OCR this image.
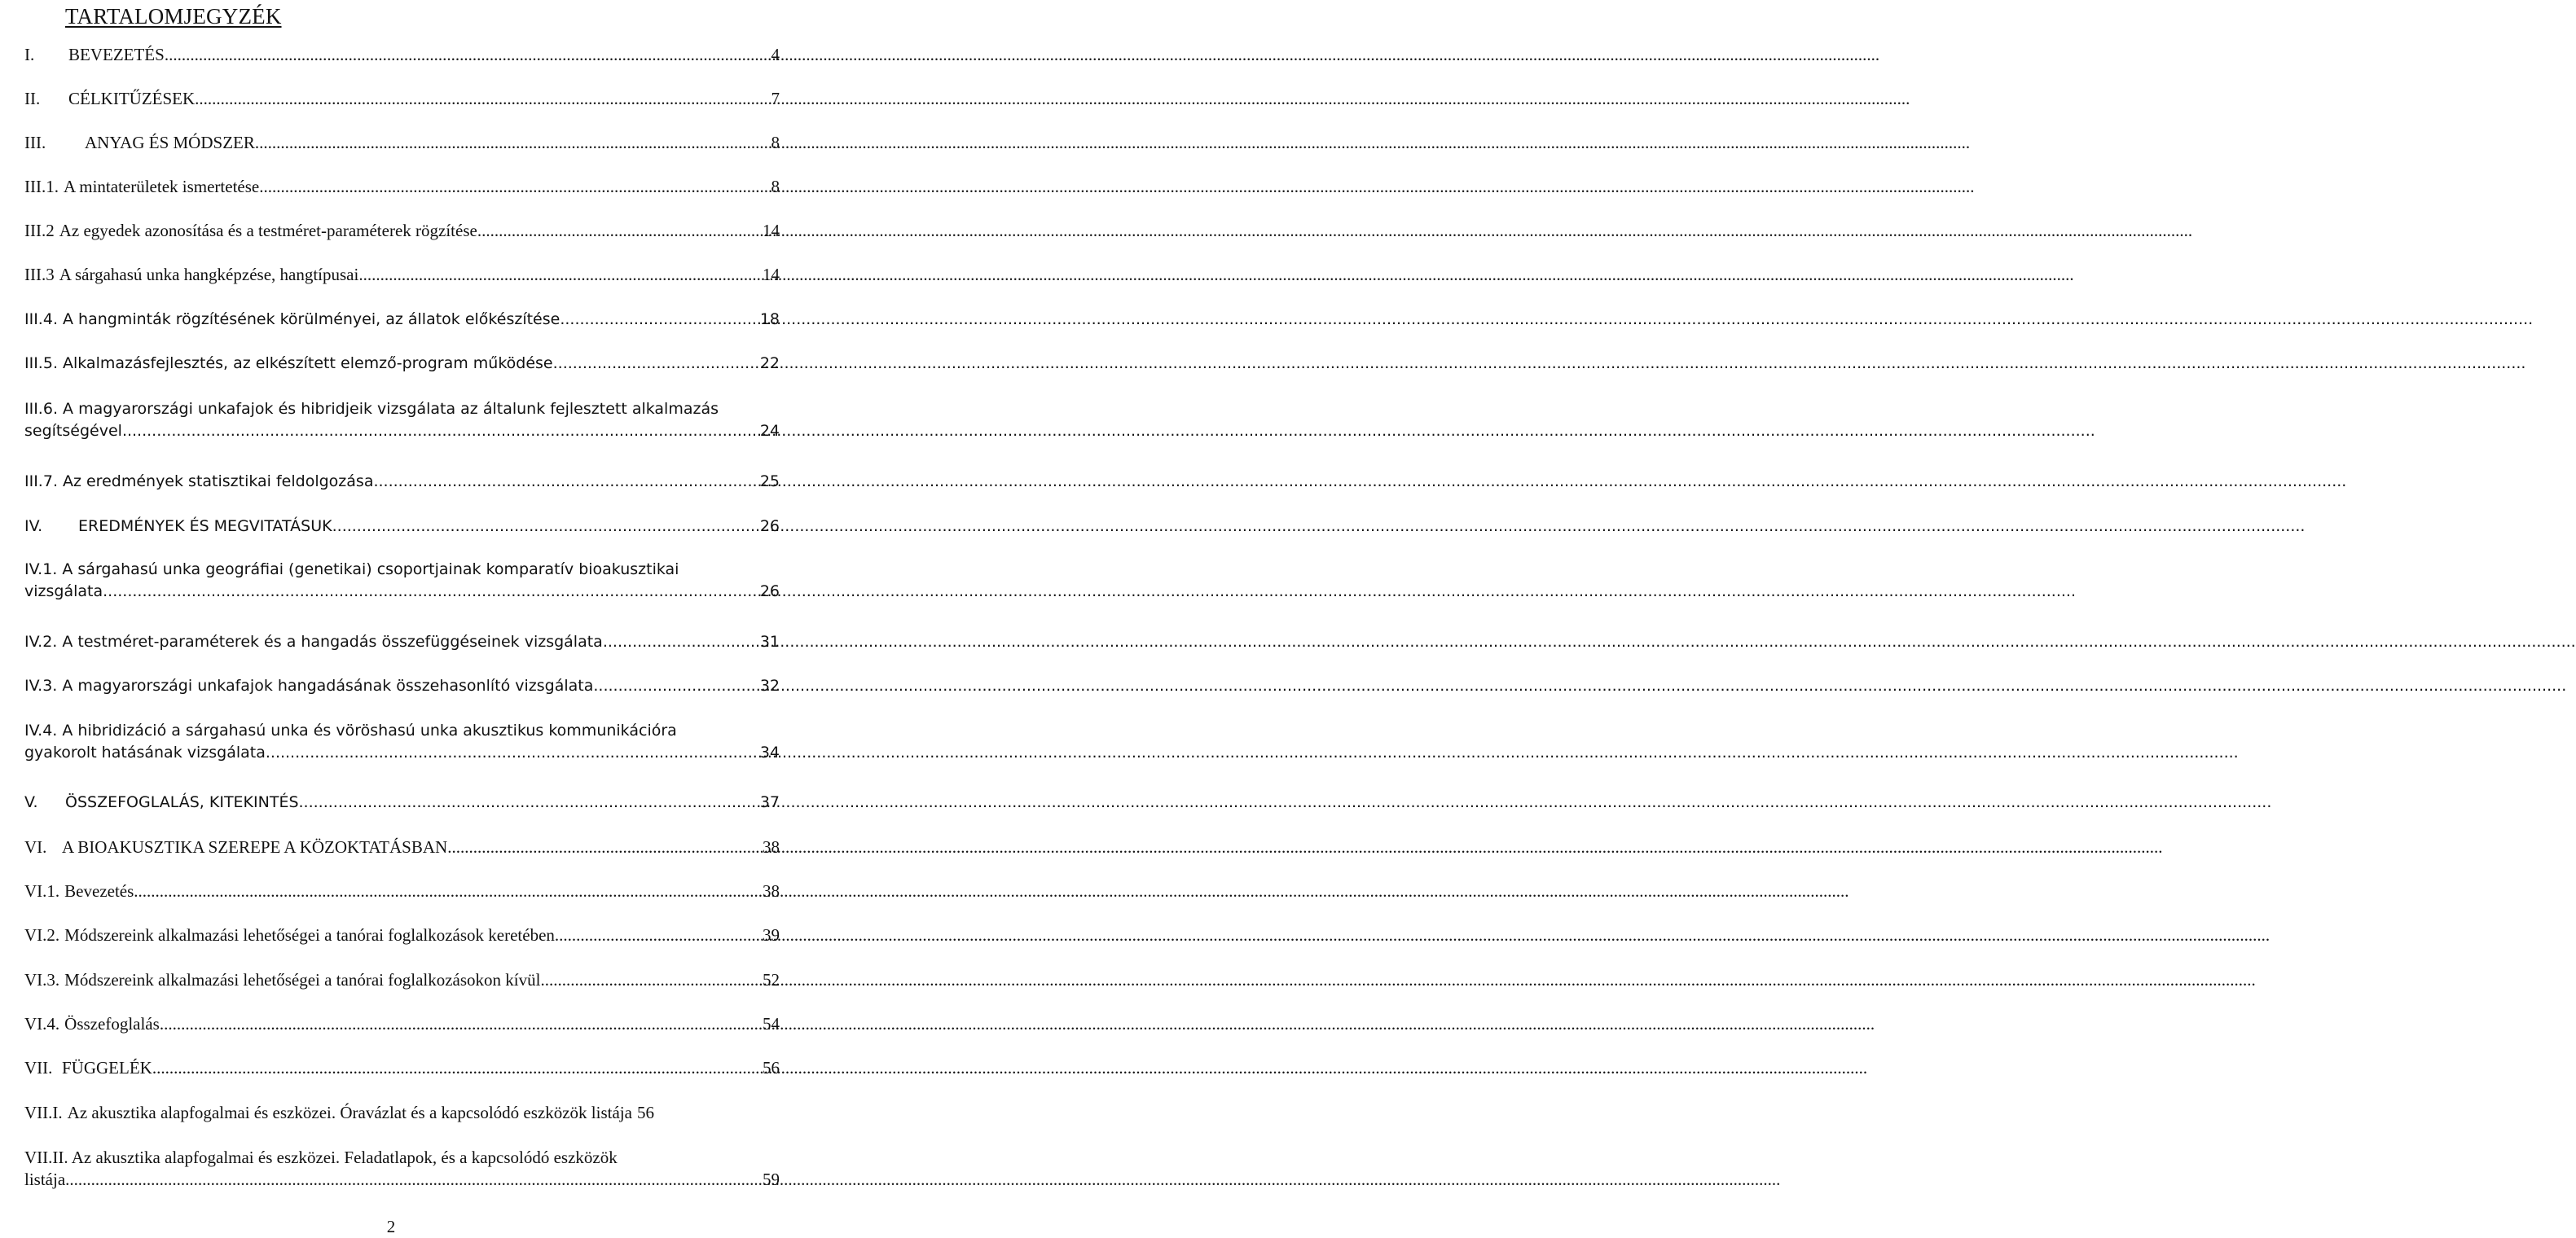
TARTALOMJEGYZÉK
I.	BEVEZETÉS .....	4
II.	CÉLKITŰZÉSEK .....	7
III.	ANYAG ÉS MÓDSZER .....	8
III.1. A mintaterületek ismertetése .....	8
III.2 Az egyedek azonosítása és a testméret-paraméterek rögzítése .....	14
III.3 A sárgahasú unka hangképzése, hangtípusai .....	14
III.4. A hangminták rögzítésének körülményei, az állatok előkészítése .....	18
III.5. Alkalmazásfejlesztés, az elkészített elemző-program működése .....	22
III.6. A magyarországi unkafajok és hibridjeik vizsgálata az általunk fejlesztett alkalmazás
segítségével .....	24
III.7. Az eredmények statisztikai feldolgozása .....	25
IV.	EREDMÉNYEK ÉS MEGVITATÁSUK .....	26
IV.1. A sárgahasú unka geográfiai (genetikai) csoportjainak komparatív bioakusztikai
vizsgálata .....	26
IV.2. A testméret-paraméterek és a hangadás összefüggéseinek vizsgálata .....	31
IV.3. A magyarországi unkafajok hangadásának összehasonlító vizsgálata .....	32
IV.4. A hibridizáció a sárgahasú unka és vöröshasú unka akusztikus kommunikációra
gyakorolt hatásának vizsgálata .....	34
V.	ÖSSZEFOGLALÁS, KITEKINTÉS .....	37
VI. A BIOAKUSZTIKA SZEREPE A KÖZOKTATÁSBAN .....	38
VI.1. Bevezetés .....	38
VI.2. Módszereink alkalmazási lehetőségei a tanórai foglalkozások keretében .....	39
VI.3. Módszereink alkalmazási lehetőségei a tanórai foglalkozásokon kívül .....	52
VI.4. Összefoglalás .....	54
VII. FÜGGELÉK .....	56
VII.I. Az akusztika alapfogalmai és eszközei. Óravázlat és a kapcsolódó eszközök listája 56
VII.II. Az akusztika alapfogalmai és eszközei. Feladatlapok, és a kapcsolódó eszközök
listája .....	59
2
